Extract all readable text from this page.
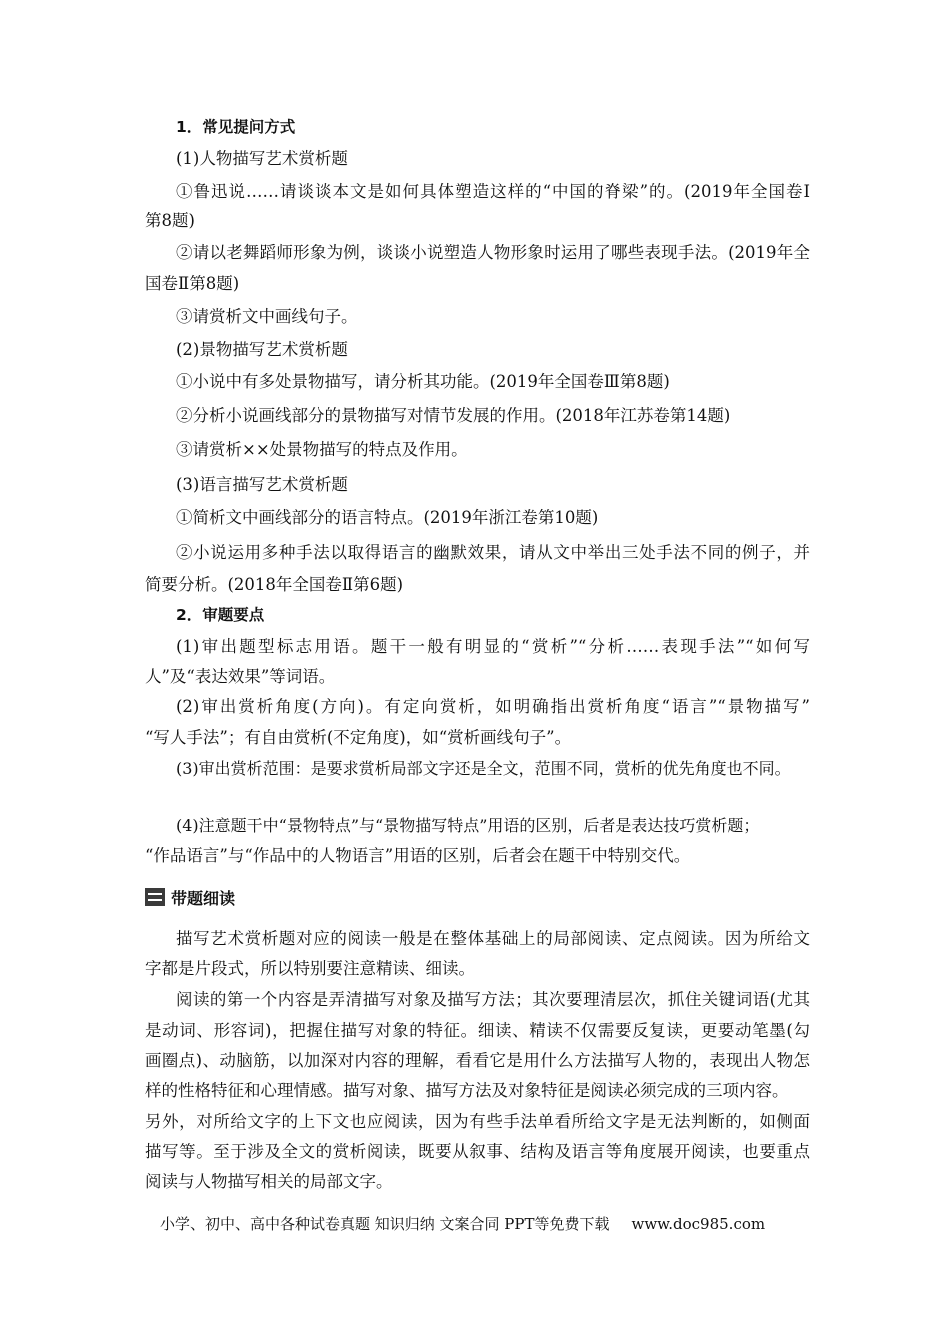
1．常见提问方式
(1)人物描写艺术赏析题
①鲁迅说……请谈谈本文是如何具体塑造这样的“中国的脊梁”的。(2019年全国卷Ⅰ
第8题)
②请以老舞蹈师形象为例，谈谈小说塑造人物形象时运用了哪些表现手法。(2019年全
国卷Ⅱ第8题)
③请赏析文中画线句子。
(2)景物描写艺术赏析题
①小说中有多处景物描写，请分析其功能。(2019年全国卷Ⅲ第8题)
②分析小说画线部分的景物描写对情节发展的作用。(2018年江苏卷第14题)
③请赏析××处景物描写的特点及作用。
(3)语言描写艺术赏析题
①简析文中画线部分的语言特点。(2019年浙江卷第10题)
②小说运用多种手法以取得语言的幽默效果，请从文中举出三处手法不同的例子，并
简要分析。(2018年全国卷Ⅱ第6题)
2．审题要点
(1)审出题型标志用语。题干一般有明显的“赏析”“分析……表现手法”“如何写
人”及“表达效果”等词语。
(2)审出赏析角度(方向)。有定向赏析，如明确指出赏析角度“语言”“景物描写”
“写人手法”；有自由赏析(不定角度)，如“赏析画线句子”。
(3)审出赏析范围：是要求赏析局部文字还是全文，范围不同，赏析的优先角度也不同。
(4)注意题干中“景物特点”与“景物描写特点”用语的区别，后者是表达技巧赏析题；
“作品语言”与“作品中的人物语言”用语的区别，后者会在题干中特别交代。
带题细读
描写艺术赏析题对应的阅读一般是在整体基础上的局部阅读、定点阅读。因为所给文
字都是片段式，所以特别要注意精读、细读。
阅读的第一个内容是弄清描写对象及描写方法；其次要理清层次，抓住关键词语(尤其
是动词、形容词)，把握住描写对象的特征。细读、精读不仅需要反复读，更要动笔墨(勾
画圈点)、动脑筋，以加深对内容的理解，看看它是用什么方法描写人物的，表现出人物怎
样的性格特征和心理情感。描写对象、描写方法及对象特征是阅读必须完成的三项内容。
另外，对所给文字的上下文也应阅读，因为有些手法单看所给文字是无法判断的，如侧面
描写等。至于涉及全文的赏析阅读，既要从叙事、结构及语言等角度展开阅读，也要重点
阅读与人物描写相关的局部文字。
小学、初中、高中各种试卷真题 知识归纳 文案合同 PPT等免费下载 www.doc985.com
